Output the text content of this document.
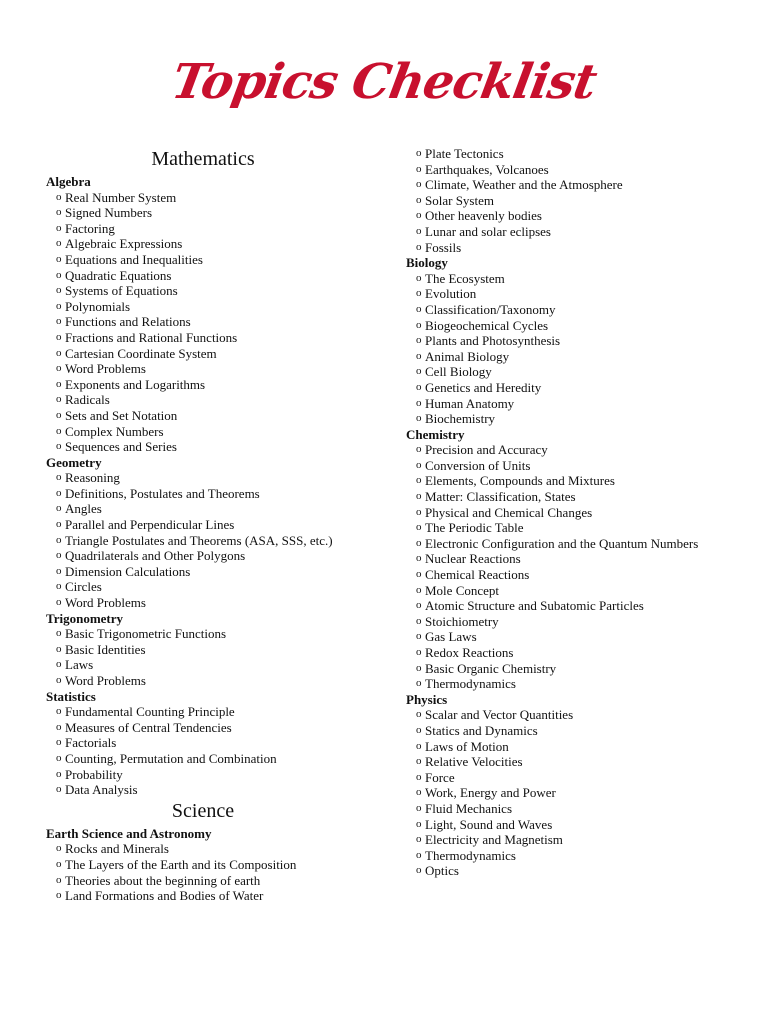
Topics Checklist
Mathematics
Algebra
o Real Number System
o Signed Numbers
o Factoring
o Algebraic Expressions
o Equations and Inequalities
o Quadratic Equations
o Systems of Equations
o Polynomials
o Functions and Relations
o Fractions and Rational Functions
o Cartesian Coordinate System
o Word Problems
o Exponents and Logarithms
o Radicals
o Sets and Set Notation
o Complex Numbers
o Sequences and Series
Geometry
o Reasoning
o Definitions, Postulates and Theorems
o Angles
o Parallel and Perpendicular Lines
o Triangle Postulates and Theorems (ASA, SSS, etc.)
o Quadrilaterals and Other Polygons
o Dimension Calculations
o Circles
o Word Problems
Trigonometry
o Basic Trigonometric Functions
o Basic Identities
o Laws
o Word Problems
Statistics
o Fundamental Counting Principle
o Measures of Central Tendencies
o Factorials
o Counting, Permutation and Combination
o Probability
o Data Analysis
Science
Earth Science and Astronomy
o Rocks and Minerals
o The Layers of the Earth and its Composition
o Theories about the beginning of earth
o Land Formations and Bodies of Water
o Plate Tectonics
o Earthquakes, Volcanoes
o Climate, Weather and the Atmosphere
o Solar System
o Other heavenly bodies
o Lunar and solar eclipses
o Fossils
Biology
o The Ecosystem
o Evolution
o Classification/Taxonomy
o Biogeochemical Cycles
o Plants and Photosynthesis
o Animal Biology
o Cell Biology
o Genetics and Heredity
o Human Anatomy
o Biochemistry
Chemistry
o Precision and Accuracy
o Conversion of Units
o Elements, Compounds and Mixtures
o Matter: Classification, States
o Physical and Chemical Changes
o The Periodic Table
o Electronic Configuration and the Quantum Numbers
o Nuclear Reactions
o Chemical Reactions
o Mole Concept
o Atomic Structure and Subatomic Particles
o Stoichiometry
o Gas Laws
o Redox Reactions
o Basic Organic Chemistry
o Thermodynamics
Physics
o Scalar and Vector Quantities
o Statics and Dynamics
o Laws of Motion
o Relative Velocities
o Force
o Work, Energy and Power
o Fluid Mechanics
o Light, Sound and Waves
o Electricity and Magnetism
o Thermodynamics
o Optics
